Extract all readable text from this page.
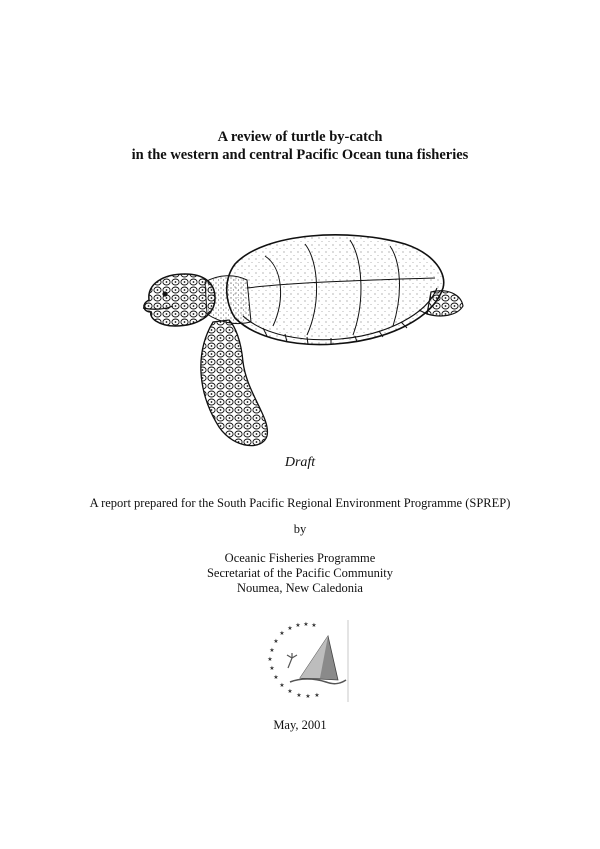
A review of turtle by-catch
in the western and central Pacific Ocean tuna fisheries
Draft
A report prepared for the South Pacific Regional Environment Programme (SPREP)
by
Oceanic Fisheries Programme
Secretariat of the Pacific Community
Noumea, New Caledonia
★ ★ ★ ★
★
★
★
★
★
★
★
★
★ ★ ★
May, 2001
